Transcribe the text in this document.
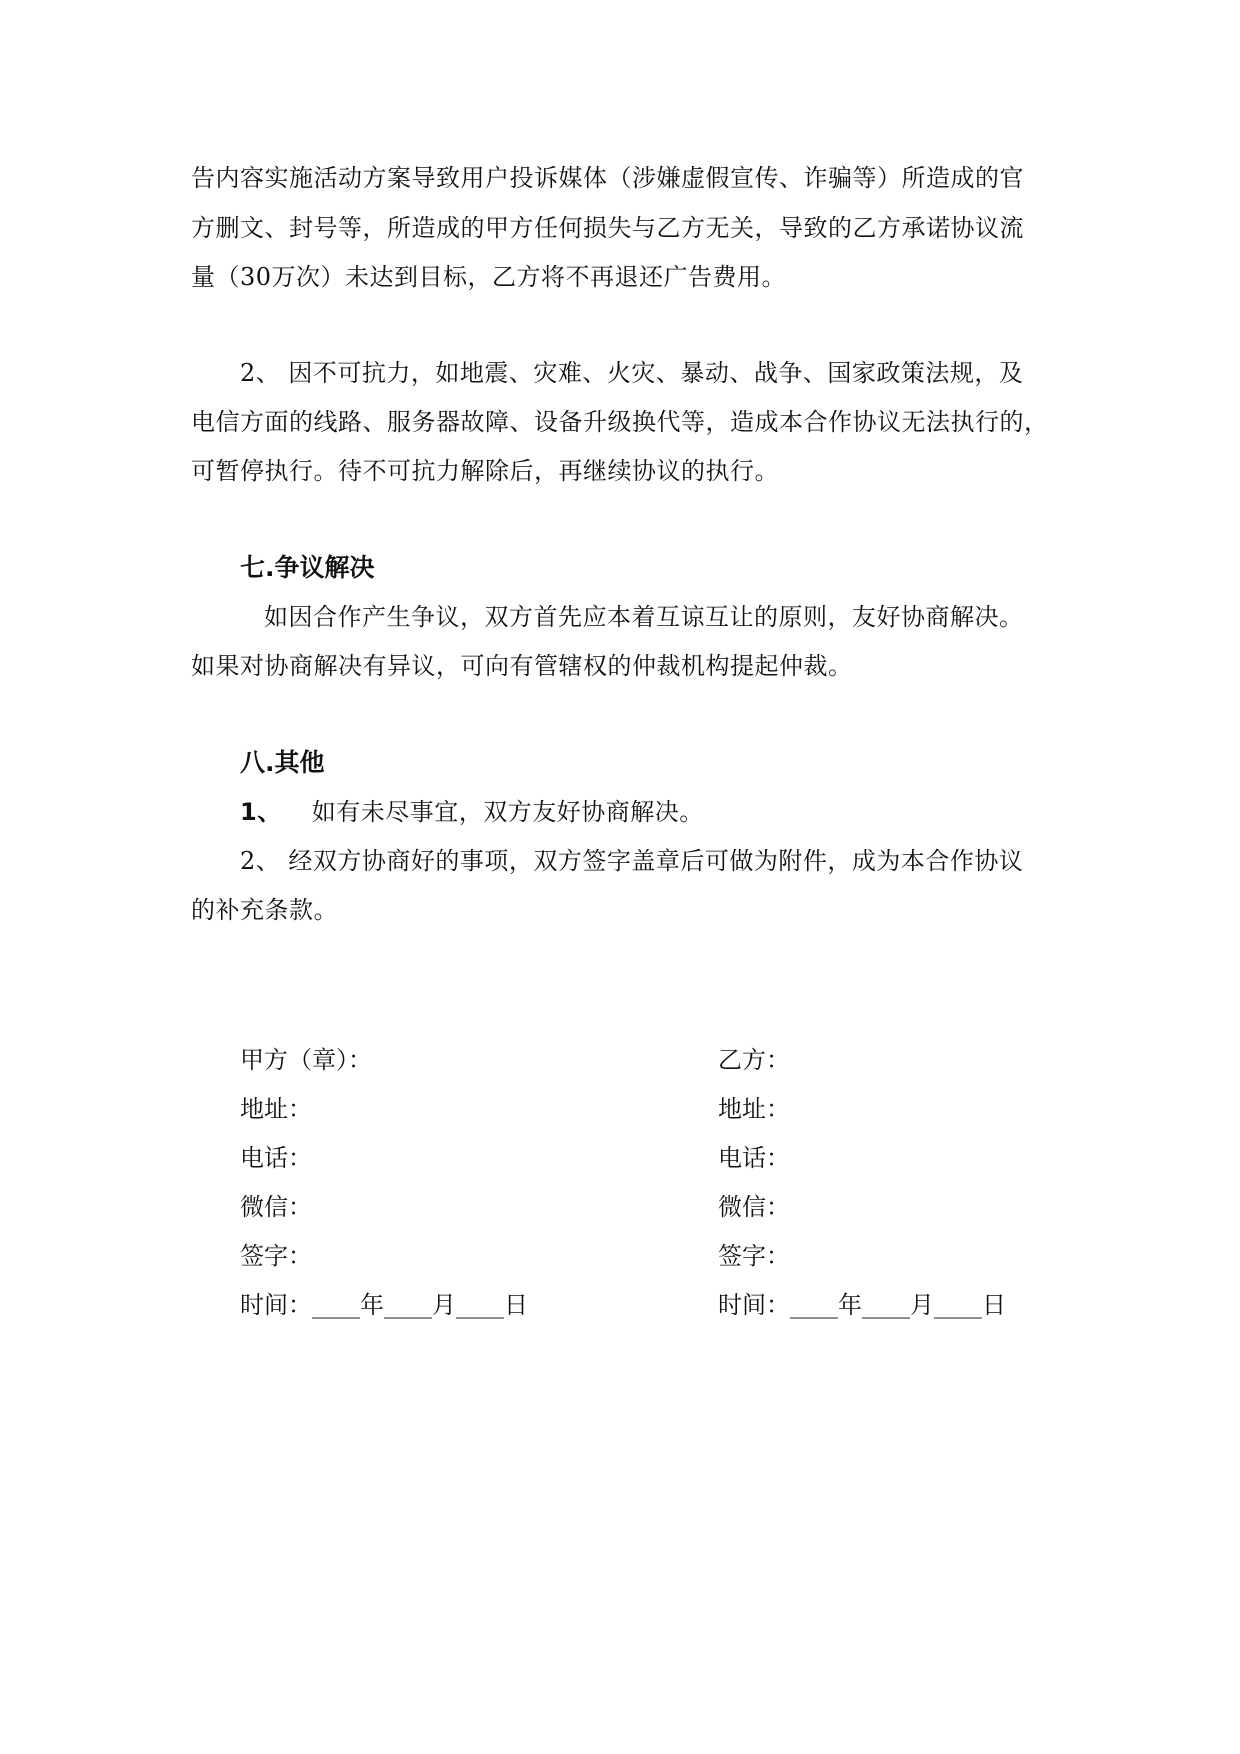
告内容实施活动方案导致用户投诉媒体（涉嫌虚假宣传、诈骗等）所造成的官
方删文、封号等，所造成的甲方任何损失与乙方无关，导致的乙方承诺协议流
量（30万次）未达到目标，乙方将不再退还广告费用。
2、 因不可抗力，如地震、灾难、火灾、暴动、战争、国家政策法规，及
电信方面的线路、服务器故障、设备升级换代等，造成本合作协议无法执行的，
可暂停执行。待不可抗力解除后，再继续协议的执行。
七.争议解决
如因合作产生争议，双方首先应本着互谅互让的原则，友好协商解决。
如果对协商解决有异议，可向有管辖权的仲裁机构提起仲裁。
八.其他
1、 如有未尽事宜，双方友好协商解决。
2、 经双方协商好的事项，双方签字盖章后可做为附件，成为本合作协议
的补充条款。
甲方（章）：
地址：
电话：
微信：
签字：
时间：____年____月____日
乙方：
地址：
电话：
微信：
签字：
时间：____年____月____日
